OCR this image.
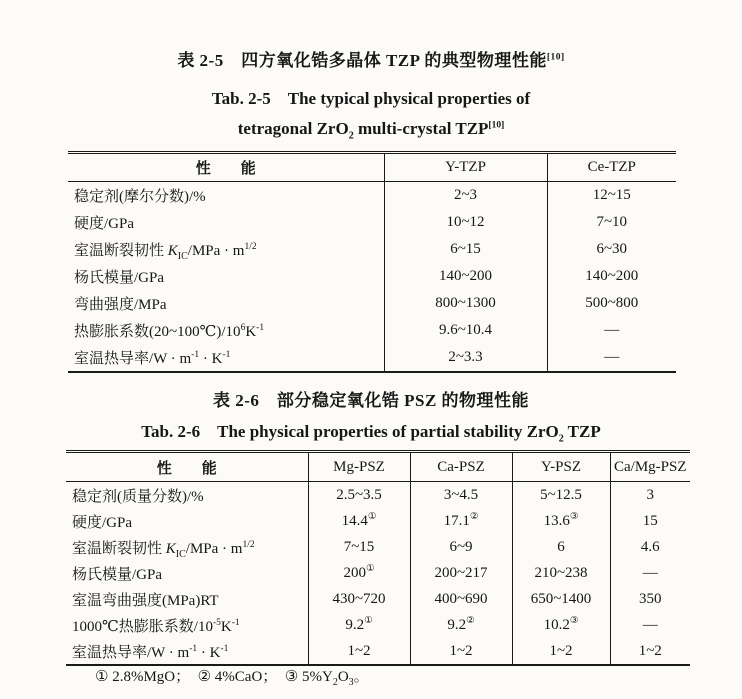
表 2-5　四方氧化锆多晶体 TZP 的典型物理性能[10]
Tab. 2-5　The typical physical properties of
tetragonal ZrO$_2$ multi-crystal TZP[10]
性　　能	Y-TZP	Ce-TZP
稳定剂(摩尔分数)/%	2~3	12~15
硬度/GPa	10~12	7~10
室温断裂韧性 $K_{IC}$/MPa · $m^{1/2}$	6~15	6~30
杨氏模量/GPa	140~200	140~200
弯曲强度/MPa	800~1300	500~800
热膨胀系数$(20\sim 100℃)/10^6K^{-1}$	9.6~10.4	—
室温热导率$/W \cdot m^{-1} \cdot K^{-1}$	2~3.3	—
表 2-6　部分稳定氧化锆 PSZ 的物理性能
Tab. 2-6　The physical properties of partial stability ZrO$_2$ TZP
性　　能	Mg-PSZ	Ca-PSZ	Y-PSZ	Ca/Mg-PSZ
稳定剂(质量分数)/%	2.5~3.5	3~4.5	5~12.5	3
硬度/GPa	14.4①	17.1②	13.6③	15
室温断裂韧性 $K_{IC}$/MPa · $m^{1/2}$	7~15	6~9	6	4.6
杨氏模量/GPa	200①	200~217	210~238	—
室温弯曲强度(MPa)RT	430~720	400~690	650~1400	350
1000℃热膨胀系数$/10^{-5}K^{-1}$	9.2①	9.2②	10.2③	—
室温热导率$/W \cdot m^{-1} \cdot K^{-1}$	1~2	1~2	1~2	1~2
① 2.8%MgO；　② 4%CaO；　③ $5\%Y_2O_3$。
